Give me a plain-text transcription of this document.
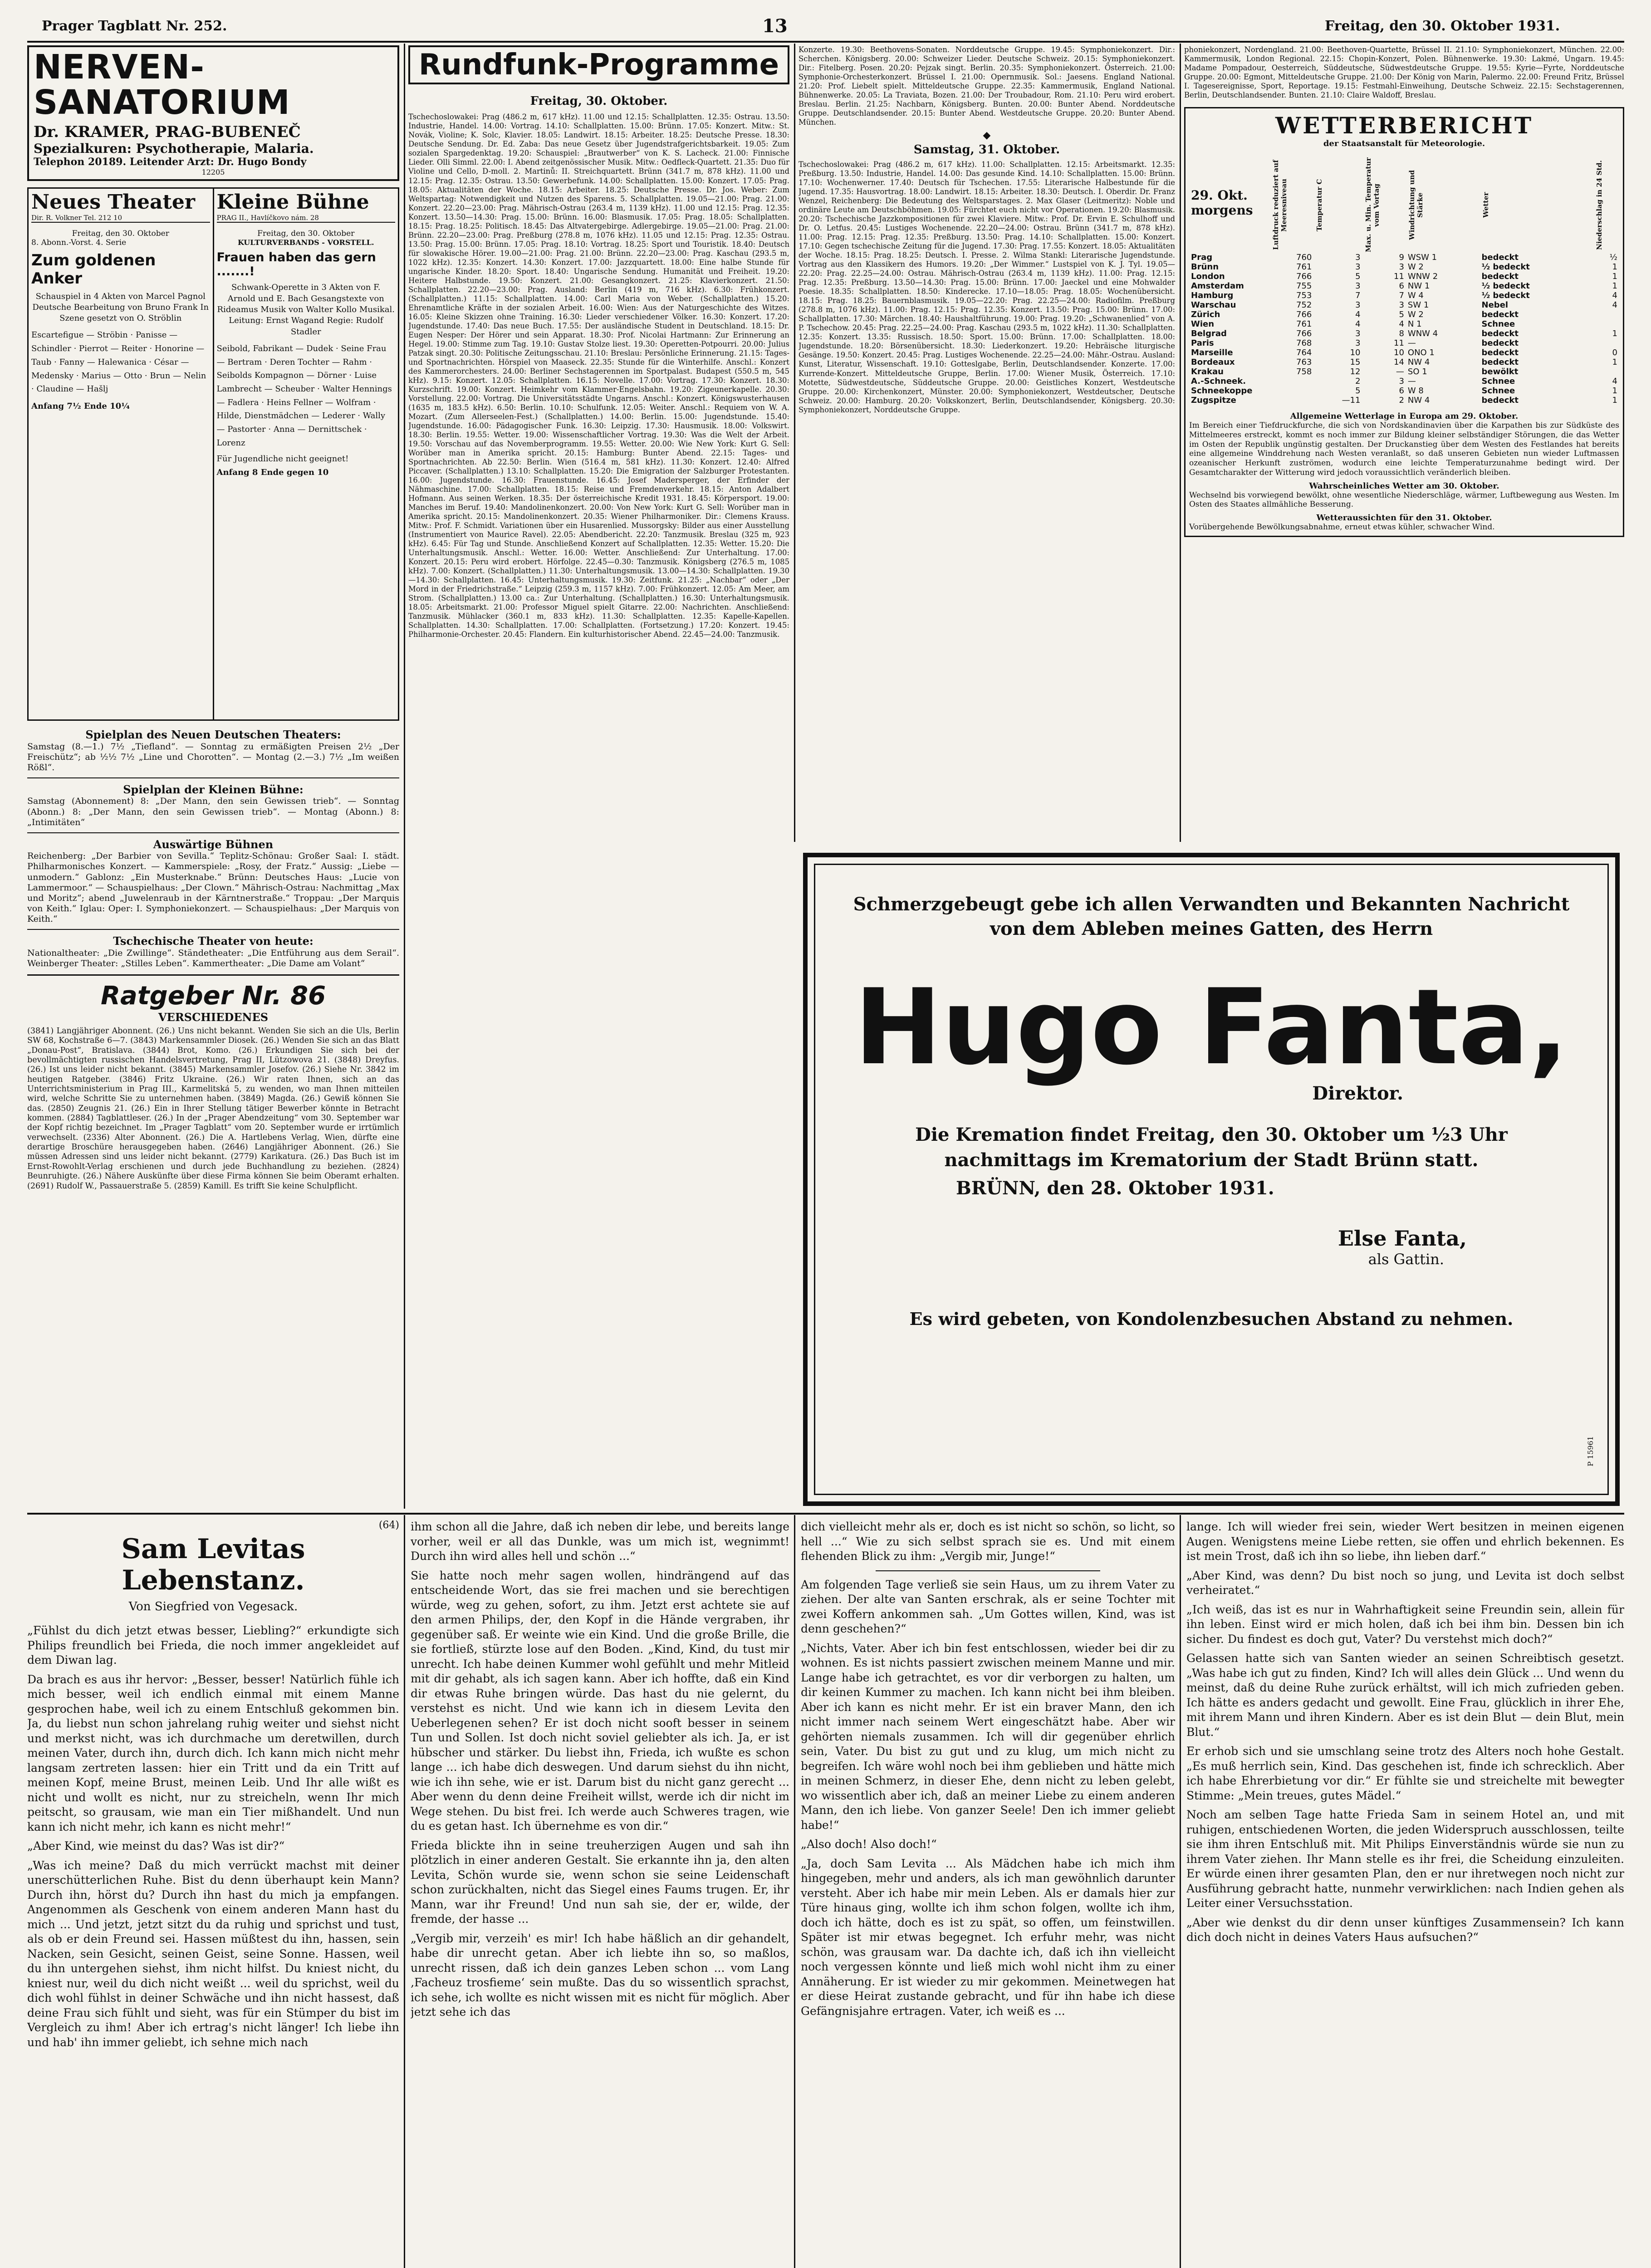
Prager Tagblatt Nr. 252.	13	Freitag, den 30. Oktober 1931.
NERVEN-SANATORIUM
Dr. KRAMER, PRAG-BUBENEČ
Spezialkuren: Psychotherapie, Malaria.
Telephon 20189. Leitender Arzt: Dr. Hugo Bondy
12205
Neues Theater
Dir. R. Volkner Tel. 212 10
Freitag, den 30. Oktober
8. Abonn.-Vorst. 4. Serie
Zum goldenen Anker
Schauspiel in 4 Akten von Marcel Pagnol Deutsche Bearbeitung von Bruno Frank In Szene gesetzt von O. Ströblin
Escartefigue — Ströbin · Panisse — Schindler · Pierrot — Reiter · Honorine — Taub · Fanny — Halewanica · César — Medensky · Marius — Otto · Brun — Nelin · Claudine — Hašlj
Anfang 7½ Ende 10¼
Kleine Bühne
PRAG II., Havlíčkovo nám. 28
Freitag, den 30. Oktober
KULTURVERBANDS - VORSTELL.
Frauen haben das gern .......!
Schwank-Operette in 3 Akten von F. Arnold und E. Bach Gesangstexte von Rideamus Musik von Walter Kollo Musikal. Leitung: Ernst Wagand Regie: Rudolf Stadler
Seibold, Fabrikant — Dudek · Seine Frau — Bertram · Deren Tochter — Rahm · Seibolds Kompagnon — Dörner · Luise Lambrecht — Scheuber · Walter Hennings — Fadlera · Heins Fellner — Wolfram · Hilde, Dienstmädchen — Lederer · Wally — Pastorter · Anna — Dernittschek · Lorenz
Für Jugendliche nicht geeignet!
Anfang 8 Ende gegen 10
Spielplan des Neuen Deutschen Theaters:
Samstag (8.—1.) 7½ „Tiefland“. — Sonntag zu ermäßigten Preisen 2½ „Der Freischütz“; ab ½½ 7½ „Line und Chorotten“. — Montag (2.—3.) 7½ „Im weißen Rößl“.
Spielplan der Kleinen Bühne:
Samstag (Abonnement) 8: „Der Mann, den sein Gewissen trieb“. — Sonntag (Abonn.) 8: „Der Mann, den sein Gewissen trieb“. — Montag (Abonn.) 8: „Intimitäten“
Auswärtige Bühnen
Reichenberg: „Der Barbier von Sevilla.“ Teplitz-Schönau: Großer Saal: I. städt. Philharmonisches Konzert. — Kammerspiele: „Rosy, der Fratz.“ Aussig: „Liebe — unmodern.“ Gablonz: „Ein Musterknabe.“ Brünn: Deutsches Haus: „Lucie von Lammermoor.“ — Schauspielhaus: „Der Clown.“ Mährisch-Ostrau: Nachmittag „Max und Moritz“; abend „Juwelenraub in der Kärntnerstraße.“ Troppau: „Der Marquis von Keith.“ Iglau: Oper: I. Symphoniekonzert. — Schauspielhaus: „Der Marquis von Keith.“
Tschechische Theater von heute:
Nationaltheater: „Die Zwillinge“. Ständetheater: „Die Entführung aus dem Serail“. Weinberger Theater: „Stilles Leben“. Kammertheater: „Die Dame am Volant“
Ratgeber Nr. 86
VERSCHIEDENES
(3841) Langjähriger Abonnent. (26.) Uns nicht bekannt. Wenden Sie sich an die Uls, Berlin SW 68, Kochstraße 6—7. (3843) Markensammler Diosek. (26.) Wenden Sie sich an das Blatt „Donau-Post“, Bratislava. (3844) Brot, Komo. (26.) Erkundigen Sie sich bei der bevollmächtigten russischen Handelsvertretung, Prag II, Lützowova 21. (3848) Dreyfus. (26.) Ist uns leider nicht bekannt. (3845) Markensammler Josefov. (26.) Siehe Nr. 3842 im heutigen Ratgeber. (3846) Fritz Ukraine. (26.) Wir raten Ihnen, sich an das Unterrichtsministerium in Prag III., Karmelitská 5, zu wenden, wo man Ihnen mitteilen wird, welche Schritte Sie zu unternehmen haben. (3849) Magda. (26.) Gewiß können Sie das. (2850) Zeugnis 21. (26.) Ein in Ihrer Stellung tätiger Bewerber könnte in Betracht kommen. (2884) Tagblattleser. (26.) In der „Prager Abendzeitung“ vom 30. September war der Kopf richtig bezeichnet. Im „Prager Tagblatt“ vom 20. September wurde er irrtümlich verwechselt. (2336) Alter Abonnent. (26.) Die A. Hartlebens Verlag, Wien, dürfte eine derartige Broschüre herausgegeben haben. (2646) Langjähriger Abonnent. (26.) Sie müssen Adressen sind uns leider nicht bekannt. (2779) Karikatura. (26.) Das Buch ist im Ernst-Rowohlt-Verlag erschienen und durch jede Buchhandlung zu beziehen. (2824) Beunruhigte. (26.) Nähere Auskünfte über diese Firma können Sie beim Oberamt erhalten. (2691) Rudolf W., Passauerstraße 5. (2859) Kamill. Es trifft Sie keine Schulpflicht.
Rundfunk-Programme
Freitag, 30. Oktober.
Tschechoslowakei: Prag (486.2 m, 617 kHz). 11.00 und 12.15: Schallplatten. 12.35: Ostrau. 13.50: Industrie, Handel. 14.00: Vortrag. 14.10: Schallplatten. 15.00: Brünn. 17.05: Konzert. Mitw.: St. Novák, Violine; K. Solc, Klavier. 18.05: Landwirt. 18.15: Arbeiter. 18.25: Deutsche Presse. 18.30: Deutsche Sendung. Dr. Ed. Zaba: Das neue Gesetz über Jugendstrafgerichtsbarkeit. 19.05: Zum sozialen Spargedenktag. 19.20: Schauspiel: „Brautwerber“ von K. S. Lacheck. 21.00: Finnische Lieder. Olli Simml. 22.00: I. Abend zeitgenössischer Musik. Mitw.: Oedfleck-Quartett. 21.35: Duo für Violine und Cello, D-moll. 2. Martinů: II. Streichquartett. Brünn (341.7 m, 878 kHz). 11.00 und 12.15: Prag. 12.35: Ostrau. 13.50: Gewerbefunk. 14.00: Schallplatten. 15.00: Konzert. 17.05: Prag. 18.05: Aktualitäten der Woche. 18.15: Arbeiter. 18.25: Deutsche Presse. Dr. Jos. Weber: Zum Weltspartag: Notwendigkeit und Nutzen des Sparens. 5. Schallplatten. 19.05—21.00: Prag. 21.00: Konzert. 22.20—23.00: Prag. Mährisch-Ostrau (263.4 m, 1139 kHz). 11.00 und 12.15: Prag. 12.35: Konzert. 13.50—14.30: Prag. 15.00: Brünn. 16.00: Blasmusik. 17.05: Prag. 18.05: Schallplatten. 18.15: Prag. 18.25: Politisch. 18.45: Das Altvatergebirge. Adlergebirge. 19.05—21.00: Prag. 21.00: Brünn. 22.20—23.00: Prag. Preßburg (278.8 m, 1076 kHz). 11.05 und 12.15: Prag. 12.35: Ostrau. 13.50: Prag. 15.00: Brünn. 17.05: Prag. 18.10: Vortrag. 18.25: Sport und Touristik. 18.40: Deutsch für slowakische Hörer. 19.00—21.00: Prag. 21.00: Brünn. 22.20—23.00: Prag. Kaschau (293.5 m, 1022 kHz). 12.35: Konzert. 14.30: Konzert. 17.00: Jazzquartett. 18.00: Eine halbe Stunde für ungarische Kinder. 18.20: Sport. 18.40: Ungarische Sendung. Humanität und Freiheit. 19.20: Heitere Halbstunde. 19.50: Konzert. 21.00: Gesangkonzert. 21.25: Klavierkonzert. 21.50: Schallplatten. 22.20—23.00: Prag. Ausland: Berlin (419 m, 716 kHz). 6.30: Frühkonzert. (Schallplatten.) 11.15: Schallplatten. 14.00: Carl Maria von Weber. (Schallplatten.) 15.20: Ehrenamtliche Kräfte in der sozialen Arbeit. 16.00: Wien: Aus der Naturgeschichte des Witzes. 16.05: Kleine Skizzen ohne Training. 16.30: Lieder verschiedener Völker. 16.30: Konzert. 17.20: Jugendstunde. 17.40: Das neue Buch. 17.55: Der ausländische Student in Deutschland. 18.15: Dr. Eugen Nesper: Der Hörer und sein Apparat. 18.30: Prof. Nicolai Hartmann: Zur Erinnerung an Hegel. 19.00: Stimme zum Tag. 19.10: Gustav Stolze liest. 19.30: Operetten-Potpourri. 20.00: Julius Patzak singt. 20.30: Politische Zeitungsschau. 21.10: Breslau: Persönliche Erinnerung. 21.15: Tages- und Sportnachrichten. Hörspiel von Maaseck. 22.35: Stunde für die Winterhilfe. Anschl.: Konzert des Kammerorchesters. 24.00: Berliner Sechstagerennen im Sportpalast. Budapest (550.5 m, 545 kHz). 9.15: Konzert. 12.05: Schallplatten. 16.15: Novelle. 17.00: Vortrag. 17.30: Konzert. 18.30: Kurzschrift. 19.00: Konzert. Heimkehr vom Klammer-Engelsbahn. 19.20: Zigeunerkapelle. 20.30: Vorstellung. 22.00: Vortrag. Die Universitätsstädte Ungarns. Anschl.: Konzert. Königswusterhausen (1635 m, 183.5 kHz). 6.50: Berlin. 10.10: Schulfunk. 12.05: Weiter. Anschl.: Requiem von W. A. Mozart. (Zum Allerseelen-Fest.) (Schallplatten.) 14.00: Berlin. 15.00: Jugendstunde. 15.40: Jugendstunde. 16.00: Pädagogischer Funk. 16.30: Leipzig. 17.30: Hausmusik. 18.00: Volkswirt. 18.30: Berlin. 19.55: Wetter. 19.00: Wissenschaftlicher Vortrag. 19.30: Was die Welt der Arbeit. 19.50: Vorschau auf das Novemberprogramm. 19.55: Wetter. 20.00: Wie New York: Kurt G. Sell: Worüber man in Amerika spricht. 20.15: Hamburg: Bunter Abend. 22.15: Tages- und Sportnachrichten. Ab 22.50: Berlin. Wien (516.4 m, 581 kHz). 11.30: Konzert. 12.40: Alfred Piccaver. (Schallplatten.) 13.10: Schallplatten. 15.20: Die Emigration der Salzburger Protestanten. 16.00: Jugendstunde. 16.30: Frauenstunde. 16.45: Josef Madersperger, der Erfinder der Nähmaschine. 17.00: Schallplatten. 18.15: Reise und Fremdenverkehr. 18.15: Anton Adalbert Hofmann. Aus seinen Werken. 18.35: Der österreichische Kredit 1931. 18.45: Körpersport. 19.00: Manches im Beruf. 19.40: Mandolinenkonzert. 20.00: Von New York: Kurt G. Sell: Worüber man in Amerika spricht. 20.15: Mandolinenkonzert. 20.35: Wiener Philharmoniker. Dir.: Clemens Krauss. Mitw.: Prof. F. Schmidt. Variationen über ein Husarenlied. Mussorgsky: Bilder aus einer Ausstellung (Instrumentiert von Maurice Ravel). 22.05: Abendbericht. 22.20: Tanzmusik. Breslau (325 m, 923 kHz). 6.45: Für Tag und Stunde. Anschließend Konzert auf Schallplatten. 12.35: Wetter. 15.20: Die Unterhaltungsmusik. Anschl.: Wetter. 16.00: Wetter. Anschließend: Zur Unterhaltung. 17.00: Konzert. 20.15: Peru wird erobert. Hörfolge. 22.45—0.30: Tanzmusik. Königsberg (276.5 m, 1085 kHz). 7.00: Konzert. (Schallplatten.) 11.30: Unterhaltungsmusik. 13.00—14.30: Schallplatten. 19.30—14.30: Schallplatten. 16.45: Unterhaltungsmusik. 19.30: Zeitfunk. 21.25: „Nachbar“ oder „Der Mord in der Friedrichstraße.“ Leipzig (259.3 m, 1157 kHz). 7.00: Frühkonzert. 12.05: Am Meer, am Strom. (Schallplatten.) 13.00 ca.: Zur Unterhaltung. (Schallplatten.) 16.30: Unterhaltungsmusik. 18.05: Arbeitsmarkt. 21.00: Professor Miguel spielt Gitarre. 22.00: Nachrichten. Anschließend: Tanzmusik. Mühlacker (360.1 m, 833 kHz). 11.30: Schallplatten. 12.35: Kapelle-Kapellen. Schallplatten. 14.30: Schallplatten. 17.00: Schallplatten. (Fortsetzung.) 17.20: Konzert. 19.45: Philharmonie-Orchester. 20.45: Flandern. Ein kulturhistorischer Abend. 22.45—24.00: Tanzmusik.
Konzerte. 19.30: Beethovens-Sonaten. Norddeutsche Gruppe. 19.45: Symphoniekonzert. Dir.: Scherchen. Königsberg. 20.00: Schweizer Lieder. Deutsche Schweiz. 20.15: Symphoniekonzert. Dir.: Fitelberg. Posen. 20.20: Pejzak singt. Berlin. 20.35: Symphoniekonzert. Österreich. 21.00: Symphonie-Orchesterkonzert. Brüssel I. 21.00: Opernmusik. Sol.: Jaesens. England National. 21.20: Prof. Liebelt spielt. Mitteldeutsche Gruppe. 22.35: Kammermusik, England National. Bühnenwerke. 20.05: La Traviata, Bozen. 21.00: Der Troubadour, Rom. 21.10: Peru wird erobert. Breslau. Berlin. 21.25: Nachbarn, Königsberg. Bunten. 20.00: Bunter Abend. Norddeutsche Gruppe. Deutschlandsender. 20.15: Bunter Abend. Westdeutsche Gruppe. 20.20: Bunter Abend. München.
◆
Samstag, 31. Oktober.
Tschechoslowakei: Prag (486.2 m, 617 kHz). 11.00: Schallplatten. 12.15: Arbeitsmarkt. 12.35: Preßburg. 13.50: Industrie, Handel. 14.00: Das gesunde Kind. 14.10: Schallplatten. 15.00: Brünn. 17.10: Wochenwerner. 17.40: Deutsch für Tschechen. 17.55: Literarische Halbestunde für die Jugend. 17.35: Hausvortrag. 18.00: Landwirt. 18.15: Arbeiter. 18.30: Deutsch. I. Oberdir. Dr. Franz Wenzel, Reichenberg: Die Bedeutung des Weltsparstages. 2. Max Glaser (Leitmeritz): Noble und ordinäre Leute am Deutschböhmen. 19.05: Fürchtet euch nicht vor Operationen. 19.20: Blasmusik. 20.20: Tschechische Jazzkompositionen für zwei Klaviere. Mitw.: Prof. Dr. Ervin E. Schulhoff und Dr. O. Letfus. 20.45: Lustiges Wochenende. 22.20—24.00: Ostrau. Brünn (341.7 m, 878 kHz). 11.00: Prag. 12.15: Prag. 12.35: Preßburg. 13.50: Prag. 14.10: Schallplatten. 15.00: Konzert. 17.10: Gegen tschechische Zeitung für die Jugend. 17.30: Prag. 17.55: Konzert. 18.05: Aktualitäten der Woche. 18.15: Prag. 18.25: Deutsch. I. Presse. 2. Wilma Stankl: Literarische Jugendstunde. Vortrag aus den Klassikern des Humors. 19.20: „Der Wimmer.“ Lustspiel von K. J. Tyl. 19.05—22.20: Prag. 22.25—24.00: Ostrau. Mährisch-Ostrau (263.4 m, 1139 kHz). 11.00: Prag. 12.15: Prag. 12.35: Preßburg. 13.50—14.30: Prag. 15.00: Brünn. 17.00: Jaeckel und eine Mohwalder Poesie. 18.35: Schallplatten. 18.50: Kinderecke. 17.10—18.05: Prag. 18.05: Wochenübersicht. 18.15: Prag. 18.25: Bauernblasmusik. 19.05—22.20: Prag. 22.25—24.00: Radiofilm. Preßburg (278.8 m, 1076 kHz). 11.00: Prag. 12.15: Prag. 12.35: Konzert. 13.50: Prag. 15.00: Brünn. 17.00: Schallplatten. 17.30: Märchen. 18.40: Haushaltführung. 19.00: Prag. 19.20: „Schwanenlied“ von A. P. Tschechow. 20.45: Prag. 22.25—24.00: Prag. Kaschau (293.5 m, 1022 kHz). 11.30: Schallplatten. 12.35: Konzert. 13.35: Russisch. 18.50: Sport. 15.00: Brünn. 17.00: Schallplatten. 18.00: Jugendstunde. 18.20: Börsenübersicht. 18.30: Liederkonzert. 19.20: Hebräische liturgische Gesänge. 19.50: Konzert. 20.45: Prag. Lustiges Wochenende. 22.25—24.00: Mähr.-Ostrau. Ausland: Kunst, Literatur, Wissenschaft. 19.10: Gotteslgabe, Berlin, Deutschlandsender. Konzerte. 17.00: Kurrende-Konzert. Mitteldeutsche Gruppe, Berlin. 17.00: Wiener Musik, Österreich. 17.10: Motette, Südwestdeutsche, Süddeutsche Gruppe. 20.00: Geistliches Konzert, Westdeutsche Gruppe. 20.00: Kirchenkonzert, Münster. 20.00: Symphoniekonzert, Westdeutscher, Deutsche Schweiz. 20.00: Hamburg. 20.20: Volkskonzert, Berlin, Deutschlandsender, Königsberg. 20.30: Symphoniekonzert, Norddeutsche Gruppe.
phoniekonzert, Nordengland. 21.00: Beethoven-Quartette, Brüssel II. 21.10: Symphoniekonzert, München. 22.00: Kammermusik, London Regional. 22.15: Chopin-Konzert, Polen. Bühnenwerke. 19.30: Lakmé, Ungarn. 19.45: Madame Pompadour, Oesterreich, Süddeutsche, Südwestdeutsche Gruppe. 19.55: Kyrie—Fyrte, Norddeutsche Gruppe. 20.00: Egmont, Mitteldeutsche Gruppe. 21.00: Der König von Marin, Palermo. 22.00: Freund Fritz, Brüssel I. Tagesereignisse, Sport, Reportage. 19.15: Festmahl-Einweihung, Deutsche Schweiz. 22.15: Sechstagerennen, Berlin, Deutschlandsender. Bunten. 21.10: Claire Waldoff, Breslau.
WETTERBERICHT
der Staatsanstalt für Meteorologie.
29. Okt. morgens	Luftdruck reduziert auf Meeresniveau	Temperatur C	Max. u. Min. Temperatur vom Vortag	Windrichtung und Stärke	Wetter	Niederschlag in 24 Std.

Prag	760	3	9	WSW 1	bedeckt	½
Brünn	761	3	3	W 2	½ bedeckt	1
London	766	5	11	WNW 2	bedeckt	1
Amsterdam	755	3	6	NW 1	½ bedeckt	1
Hamburg	753	7	7	W 4	½ bedeckt	4
Warschau	752	3	3	SW 1	Nebel	4
Zürich	766	4	5	W 2	bedeckt	
Wien	761	4	4	N 1	Schnee	
Belgrad	766	3	8	WNW 4	bedeckt	1
Paris	768	3	11	—	bedeckt	
Marseille	764	10	10	ONO 1	bedeckt	0
Bordeaux	763	15	14	NW 4	bedeckt	1
Krakau	758	12	—	SO 1	bewölkt	
A.-Schneek.		2	3	—	Schnee	4
Schneekoppe		5	6	W 8	Schnee	1
Zugspitze		—11	2	NW 4	bedeckt	1
Allgemeine Wetterlage in Europa am 29. Oktober.
Im Bereich einer Tiefdruckfurche, die sich von Nordskandinavien über die Karpathen bis zur Südküste des Mittelmeeres erstreckt, kommt es noch immer zur Bildung kleiner selbständiger Störungen, die das Wetter im Osten der Republik ungünstig gestalten. Der Druckanstieg über dem Westen des Festlandes hat bereits eine allgemeine Winddrehung nach Westen veranlaßt, so daß unseren Gebieten nun wieder Luftmassen ozeanischer Herkunft zuströmen, wodurch eine leichte Temperaturzunahme bedingt wird. Der Gesamtcharakter der Witterung wird jedoch voraussichtlich veränderlich bleiben.
Wahrscheinliches Wetter am 30. Oktober.
Wechselnd bis vorwiegend bewölkt, ohne wesentliche Niederschläge, wärmer, Luftbewegung aus Westen. Im Osten des Staates allmähliche Besserung.
Wetteraussichten für den 31. Oktober.
Vorübergehende Bewölkungsabnahme, erneut etwas kühler, schwacher Wind.
Schmerzgebeugt gebe ich allen Verwandten und Bekannten Nachricht von dem Ableben meines Gatten, des Herrn
Hugo Fanta,
Direktor.
Die Kremation findet Freitag, den 30. Oktober um ½3 Uhr nachmittags im Krematorium der Stadt Brünn statt.
BRÜNN, den 28. Oktober 1931.
Else Fanta,
als Gattin.
Es wird gebeten, von Kondolenzbesuchen Abstand zu nehmen.
P 15961
(64)
Sam Levitas Lebenstanz.
Von Siegfried von Vegesack.

„Fühlst du dich jetzt etwas besser, Liebling?“ erkundigte sich Philips freundlich bei Frieda, die noch immer angekleidet auf dem Diwan lag.

Da brach es aus ihr hervor: „Besser, besser! Natürlich fühle ich mich besser, weil ich endlich einmal mit einem Manne gesprochen habe, weil ich zu einem Entschluß gekommen bin. Ja, du liebst nun schon jahrelang ruhig weiter und siehst nicht und merkst nicht, was ich durchmache um deretwillen, durch meinen Vater, durch ihn, durch dich. Ich kann mich nicht mehr langsam zertreten lassen: hier ein Tritt und da ein Tritt auf meinen Kopf, meine Brust, meinen Leib. Und Ihr alle wißt es nicht und wollt es nicht, nur zu streicheln, wenn Ihr mich peitscht, so grausam, wie man ein Tier mißhandelt. Und nun kann ich nicht mehr, ich kann es nicht mehr!“

„Aber Kind, wie meinst du das? Was ist dir?“

„Was ich meine? Daß du mich verrückt machst mit deiner unerschütterlichen Ruhe. Bist du denn überhaupt kein Mann? Durch ihn, hörst du? Durch ihn hast du mich ja empfangen. Angenommen als Geschenk von einem anderen Mann hast du mich ... Und jetzt, jetzt sitzt du da ruhig und sprichst und tust, als ob er dein Freund sei. Hassen müßtest du ihn, hassen, sein Nacken, sein Gesicht, seinen Geist, seine Sonne. Hassen, weil du ihn untergehen siehst, ihm nicht hilfst. Du kniest nicht, du kniest nur, weil du dich nicht weißt ... weil du sprichst, weil du dich wohl fühlst in deiner Schwäche und ihn nicht hassest, daß deine Frau sich fühlt und sieht, was für ein Stümper du bist im Vergleich zu ihm! Aber ich ertrag's nicht länger! Ich liebe ihn und hab' ihn immer geliebt, ich sehne mich nach

ihm schon all die Jahre, daß ich neben dir lebe, und bereits lange vorher, weil er all das Dunkle, was um mich ist, wegnimmt! Durch ihn wird alles hell und schön ...“

Sie hatte noch mehr sagen wollen, hindrängend auf das entscheidende Wort, das sie frei machen und sie berechtigen würde, weg zu gehen, sofort, zu ihm. Jetzt erst achtete sie auf den armen Philips, der, den Kopf in die Hände vergraben, ihr gegenüber saß. Er weinte wie ein Kind. Und die große Brille, die sie fortließ, stürzte lose auf den Boden. „Kind, Kind, du tust mir unrecht. Ich habe deinen Kummer wohl gefühlt und mehr Mitleid mit dir gehabt, als ich sagen kann. Aber ich hoffte, daß ein Kind dir etwas Ruhe bringen würde. Das hast du nie gelernt, du verstehst es nicht. Und wie kann ich in diesem Levita den Ueberlegenen sehen? Er ist doch nicht sooft besser in seinem Tun und Sollen. Ist doch nicht soviel geliebter als ich. Ja, er ist hübscher und stärker. Du liebst ihn, Frieda, ich wußte es schon lange ... ich habe dich deswegen. Und darum siehst du ihn nicht, wie ich ihn sehe, wie er ist. Darum bist du nicht ganz gerecht ... Aber wenn du denn deine Freiheit willst, werde ich dir nicht im Wege stehen. Du bist frei. Ich werde auch Schweres tragen, wie du es getan hast. Ich übernehme es von dir.“

Frieda blickte ihn in seine treuherzigen Augen und sah ihn plötzlich in einer anderen Gestalt. Sie erkannte ihn ja, den alten Levita, Schön wurde sie, wenn schon sie seine Leidenschaft schon zurückhalten, nicht das Siegel eines Faums trugen. Er, ihr Mann, war ihr Freund! Und nun sah sie, der er, wilde, der fremde, der hasse ...

„Vergib mir, verzeih' es mir! Ich habe häßlich an dir gehandelt, habe dir unrecht getan. Aber ich liebte ihn so, so maßlos, unrecht rissen, daß ich dein ganzes Leben schon ... vom Lang ‚Facheuz trosfieme‘ sein mußte. Das du so wissentlich sprachst, ich sehe, ich wollte es nicht wissen mit es nicht für möglich. Aber jetzt sehe ich das

dich vielleicht mehr als er, doch es ist nicht so schön, so licht, so hell ...“ Wie zu sich selbst sprach sie es. Und mit einem flehenden Blick zu ihm: „Vergib mir, Junge!“

Am folgenden Tage verließ sie sein Haus, um zu ihrem Vater zu ziehen. Der alte van Santen erschrak, als er seine Tochter mit zwei Koffern ankommen sah. „Um Gottes willen, Kind, was ist denn geschehen?“

„Nichts, Vater. Aber ich bin fest entschlossen, wieder bei dir zu wohnen. Es ist nichts passiert zwischen meinem Manne und mir. Lange habe ich getrachtet, es vor dir verborgen zu halten, um dir keinen Kummer zu machen. Ich kann nicht bei ihm bleiben. Aber ich kann es nicht mehr. Er ist ein braver Mann, den ich nicht immer nach seinem Wert eingeschätzt habe. Aber wir gehörten niemals zusammen. Ich will dir gegenüber ehrlich sein, Vater. Du bist zu gut und zu klug, um mich nicht zu begreifen. Ich wäre wohl noch bei ihm geblieben und hätte mich in meinen Schmerz, in dieser Ehe, denn nicht zu leben gelebt, wo wissentlich aber ich, daß an meiner Liebe zu einem anderen Mann, den ich liebe. Von ganzer Seele! Den ich immer geliebt habe!“

„Also doch! Also doch!“

„Ja, doch Sam Levita ... Als Mädchen habe ich mich ihm hingegeben, mehr und anders, als ich man gewöhnlich darunter versteht. Aber ich habe mir mein Leben. Als er damals hier zur Türe hinaus ging, wollte ich ihm schon folgen, wollte ich ihm, doch ich hätte, doch es ist zu spät, so offen, um feinstwillen. Später ist mir etwas begegnet. Ich erfuhr mehr, was nicht schön, was grausam war. Da dachte ich, daß ich ihn vielleicht noch vergessen könnte und ließ mich wohl nicht ihm zu einer Annäherung. Er ist wieder zu mir gekommen. Meinetwegen hat er diese Heirat zustande gebracht, und für ihn habe ich diese Gefängnisjahre ertragen. Vater, ich weiß es ...

lange. Ich will wieder frei sein, wieder Wert besitzen in meinen eigenen Augen. Wenigstens meine Liebe retten, sie offen und ehrlich bekennen. Es ist mein Trost, daß ich ihn so liebe, ihn lieben darf.“

„Aber Kind, was denn? Du bist noch so jung, und Levita ist doch selbst verheiratet.“

„Ich weiß, das ist es nur in Wahrhaftigkeit seine Freundin sein, allein für ihn leben. Einst wird er mich holen, daß ich bei ihm bin. Dessen bin ich sicher. Du findest es doch gut, Vater? Du verstehst mich doch?“

Gelassen hatte sich van Santen wieder an seinen Schreibtisch gesetzt. „Was habe ich gut zu finden, Kind? Ich will alles dein Glück ... Und wenn du meinst, daß du deine Ruhe zurück erhältst, will ich mich zufrieden geben. Ich hätte es anders gedacht und gewollt. Eine Frau, glücklich in ihrer Ehe, mit ihrem Mann und ihren Kindern. Aber es ist dein Blut — dein Blut, mein Blut.“

Er erhob sich und sie umschlang seine trotz des Alters noch hohe Gestalt. „Es muß herrlich sein, Kind. Das geschehen ist, finde ich schrecklich. Aber ich habe Ehrerbietung vor dir.“ Er fühlte sie und streichelte mit bewegter Stimme: „Mein treues, gutes Mädel.“

Noch am selben Tage hatte Frieda Sam in seinem Hotel an, und mit ruhigen, entschiedenen Worten, die jeden Widerspruch ausschlossen, teilte sie ihm ihren Entschluß mit. Mit Philips Einverständnis würde sie nun zu ihrem Vater ziehen. Ihr Mann stelle es ihr frei, die Scheidung einzuleiten. Er würde einen ihrer gesamten Plan, den er nur ihretwegen noch nicht zur Ausführung gebracht hatte, nunmehr verwirklichen: nach Indien gehen als Leiter einer Versuchsstation.

„Aber wie denkst du dir denn unser künftiges Zusammensein? Ich kann dich doch nicht in deines Vaters Haus aufsuchen?“
